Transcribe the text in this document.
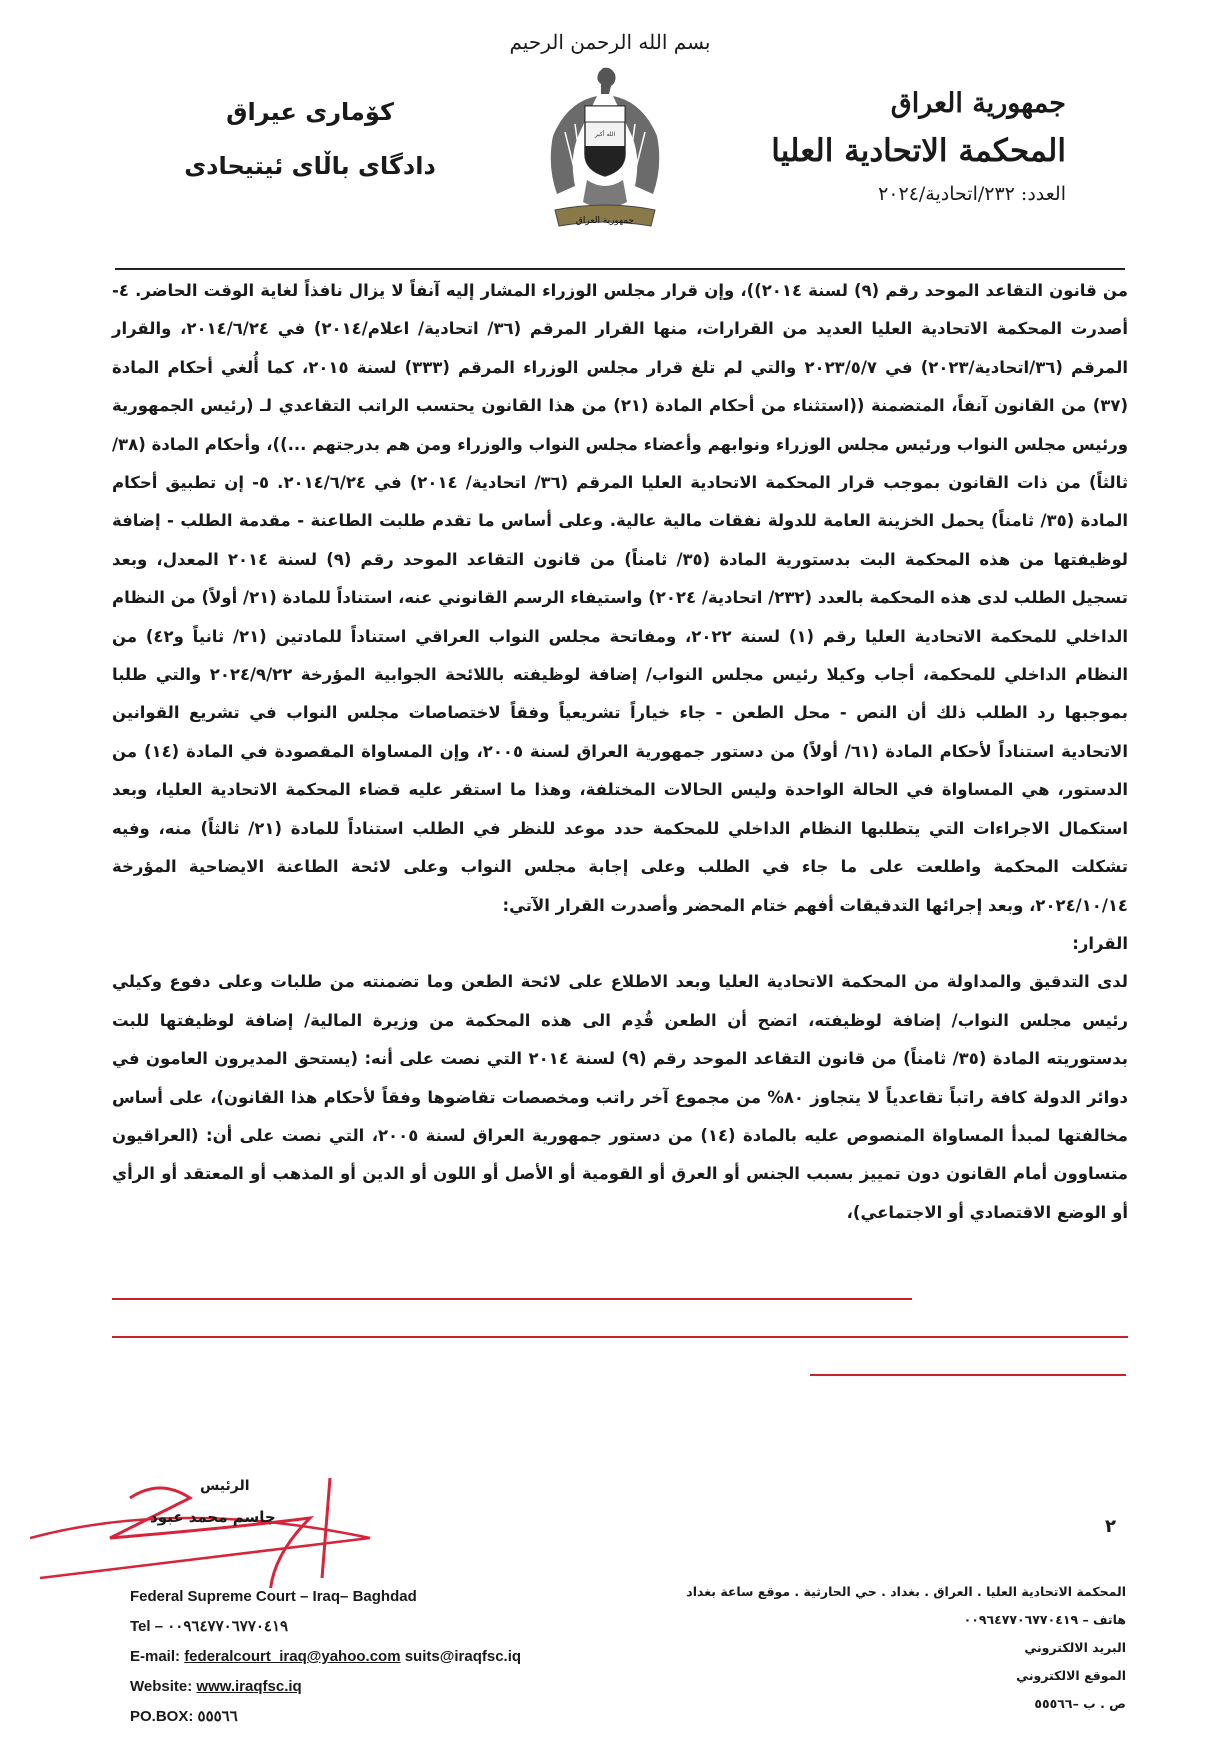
بسم الله الرحمن الرحيم
جمهورية العراق
المحكمة الاتحادية العليا
العدد: ٢٣٢/اتحادية/٢٠٢٤
کۆماری عیراق
دادگای باڵای ئیتیحادی
الله أكبر
جمهورية العراق

من قانون التقاعد الموحد رقم (٩) لسنة ٢٠١٤))، وإن قرار مجلس الوزراء المشار إليه آنفاً لا يزال نافذاً لغاية الوقت الحاضر. ٤- أصدرت المحكمة الاتحادية العليا العديد من القرارات، منها القرار المرقم (٣٦/ اتحادية/ اعلام/٢٠١٤) في ٢٠١٤/٦/٢٤، والقرار المرقم (٣٦/اتحادية/٢٠٢٣) في ٢٠٢٣/٥/٧ والتي لم تلغ قرار مجلس الوزراء المرقم (٣٣٣) لسنة ٢٠١٥، كما أُلغي أحكام المادة (٣٧) من القانون آنفاً، المتضمنة ((استثناء من أحكام المادة (٢١) من هذا القانون يحتسب الراتب التقاعدي لـ (رئيس الجمهورية ورئيس مجلس النواب ورئيس مجلس الوزراء ونوابهم وأعضاء مجلس النواب والوزراء ومن هم بدرجتهم ...))، وأحكام المادة (٣٨/ ثالثاً) من ذات القانون بموجب قرار المحكمة الاتحادية العليا المرقم (٣٦/ اتحادية/ ٢٠١٤) في ٢٠١٤/٦/٢٤. ٥- إن تطبيق أحكام المادة (٣٥/ ثامناً) يحمل الخزينة العامة للدولة نفقات مالية عالية. وعلى أساس ما تقدم طلبت الطاعنة - مقدمة الطلب - إضافة لوظيفتها من هذه المحكمة البت بدستورية المادة (٣٥/ ثامناً) من قانون التقاعد الموحد رقم (٩) لسنة ٢٠١٤ المعدل، وبعد تسجيل الطلب لدى هذه المحكمة بالعدد (٢٣٢/ اتحادية/ ٢٠٢٤) واستيفاء الرسم القانوني عنه، استناداً للمادة (٢١/ أولاً) من النظام الداخلي للمحكمة الاتحادية العليا رقم (١) لسنة ٢٠٢٢، ومفاتحة مجلس النواب العراقي استناداً للمادتين (٢١/ ثانياً و٤٢) من النظام الداخلي للمحكمة، أجاب وكيلا رئيس مجلس النواب/ إضافة لوظيفته باللائحة الجوابية المؤرخة ٢٠٢٤/٩/٢٢ والتي طلبا بموجبها رد الطلب ذلك أن النص - محل الطعن - جاء خياراً تشريعياً وفقاً لاختصاصات مجلس النواب في تشريع القوانين الاتحادية استناداً لأحكام المادة (٦١/ أولاً) من دستور جمهورية العراق لسنة ٢٠٠٥، وإن المساواة المقصودة في المادة (١٤) من الدستور، هي المساواة في الحالة الواحدة وليس الحالات المختلفة، وهذا ما استقر عليه قضاء المحكمة الاتحادية العليا، وبعد استكمال الاجراءات التي يتطلبها النظام الداخلي للمحكمة حدد موعد للنظر في الطلب استناداً للمادة (٢١/ ثالثاً) منه، وفيه تشكلت المحكمة واطلعت على ما جاء في الطلب وعلى إجابة مجلس النواب وعلى لائحة الطاعنة الايضاحية المؤرخة ٢٠٢٤/١٠/١٤، وبعد إجرائها التدقيقات أفهم ختام المحضر وأصدرت القرار الآتي:

القرار:

لدى التدقيق والمداولة من المحكمة الاتحادية العليا وبعد الاطلاع على لائحة الطعن وما تضمنته من طلبات وعلى دفوع وكيلي رئيس مجلس النواب/ إضافة لوظيفته، اتضح أن الطعن قُدِم الى هذه المحكمة من وزيرة المالية/ إضافة لوظيفتها للبت بدستوريته المادة (٣٥/ ثامناً) من قانون التقاعد الموحد رقم (٩) لسنة ٢٠١٤ التي نصت على أنه: (يستحق المديرون العامون في دوائر الدولة كافة راتباً تقاعدياً لا يتجاوز ٨٠% من مجموع آخر راتب ومخصصات تقاضوها وفقاً لأحكام هذا القانون)، على أساس مخالفتها لمبدأ المساواة المنصوص عليه بالمادة (١٤) من دستور جمهورية العراق لسنة ٢٠٠٥، التي نصت على أن: (العراقيون متساوون أمام القانون دون تمييز بسبب الجنس أو العرق أو القومية أو الأصل أو اللون أو الدين أو المذهب أو المعتقد أو الرأي أو الوضع الاقتصادي أو الاجتماعي)،

الرئيس
جاسم محمد عبود	٢
Federal Supreme Court – Iraq– Baghdad
Tel – ٠٠٩٦٤٧٧٠٦٧٧٠٤١٩
E-mail: federalcourt_iraq@yahoo.com suits@iraqfsc.iq
Website: www.iraqfsc.iq
PO.BOX: ٥٥٥٦٦
المحكمة الاتحادية العليا . العراق . بغداد . حي الحارثية . موقع ساعة بغداد
هاتف – ٠٠٩٦٤٧٧٠٦٧٧٠٤١٩
البريد الالكتروني
الموقع الالكتروني
ص . ب –٥٥٥٦٦
